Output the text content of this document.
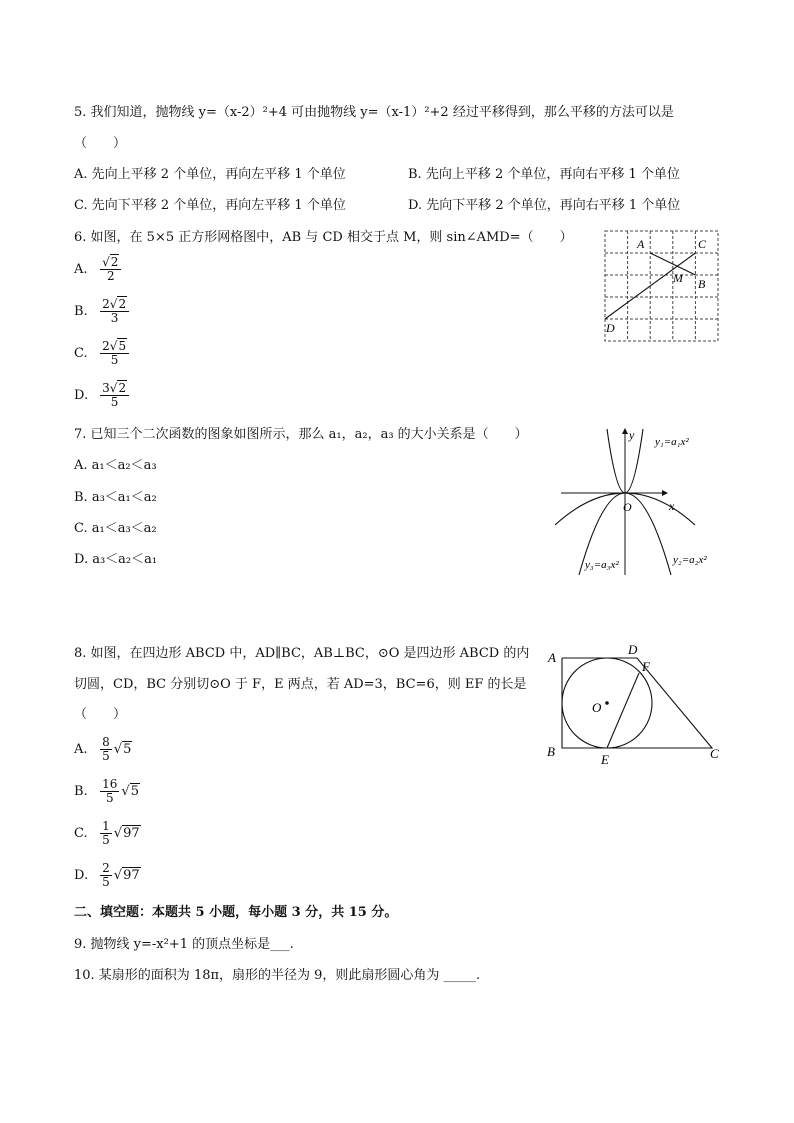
5. 我们知道，抛物线 y=（x-2）²+4 可由抛物线 y=（x-1）²+2 经过平移得到，那么平移的方法可以是
（　　）
A. 先向上平移 2 个单位，再向左平移 1 个单位	B. 先向上平移 2 个单位，再向右平移 1 个单位
C. 先向下平移 2 个单位，再向左平移 1 个单位	D. 先向下平移 2 个单位，再向右平移 1 个单位
6. 如图，在 5×5 正方形网格图中，AB 与 CD 相交于点 M，则 sin∠AMD=（　　）
A. $\frac{√2}{2}$
B. $\frac{2√2}{3}$
C. $\frac{2√5}{5}$
D. $\frac{3√2}{5}$
A	C
M B
D
7. 已知三个二次函数的图象如图所示，那么 a₁，a₂，a₃ 的大小关系是（　　）
A. a₁＜a₂＜a₃
B. a₃＜a₁＜a₂
C. a₁＜a₃＜a₂
D. a₃＜a₂＜a₁
y
x
O
y₁=a₁x²
y₂=a₂x²
y₃=a₃x²
8. 如图，在四边形 ABCD 中，AD∥BC，AB⊥BC，⊙O 是四边形 ABCD 的内
切圆，CD，BC 分别切⊙O 于 F，E 两点，若 AD=3，BC=6，则 EF 的长是
（　　）
A. $\frac{8}{5} √5$
B. $\frac{16}{5} √5$
C. $\frac{1}{5} √97$
D. $\frac{2}{5} √97$
A
D
F
O
B
E	C
二、填空题：本题共 5 小题，每小题 3 分，共 15 分。
9. 抛物线 y=-x²+1 的顶点坐标是___.
10. 某扇形的面积为 18π，扇形的半径为 9，则此扇形圆心角为 _____.
